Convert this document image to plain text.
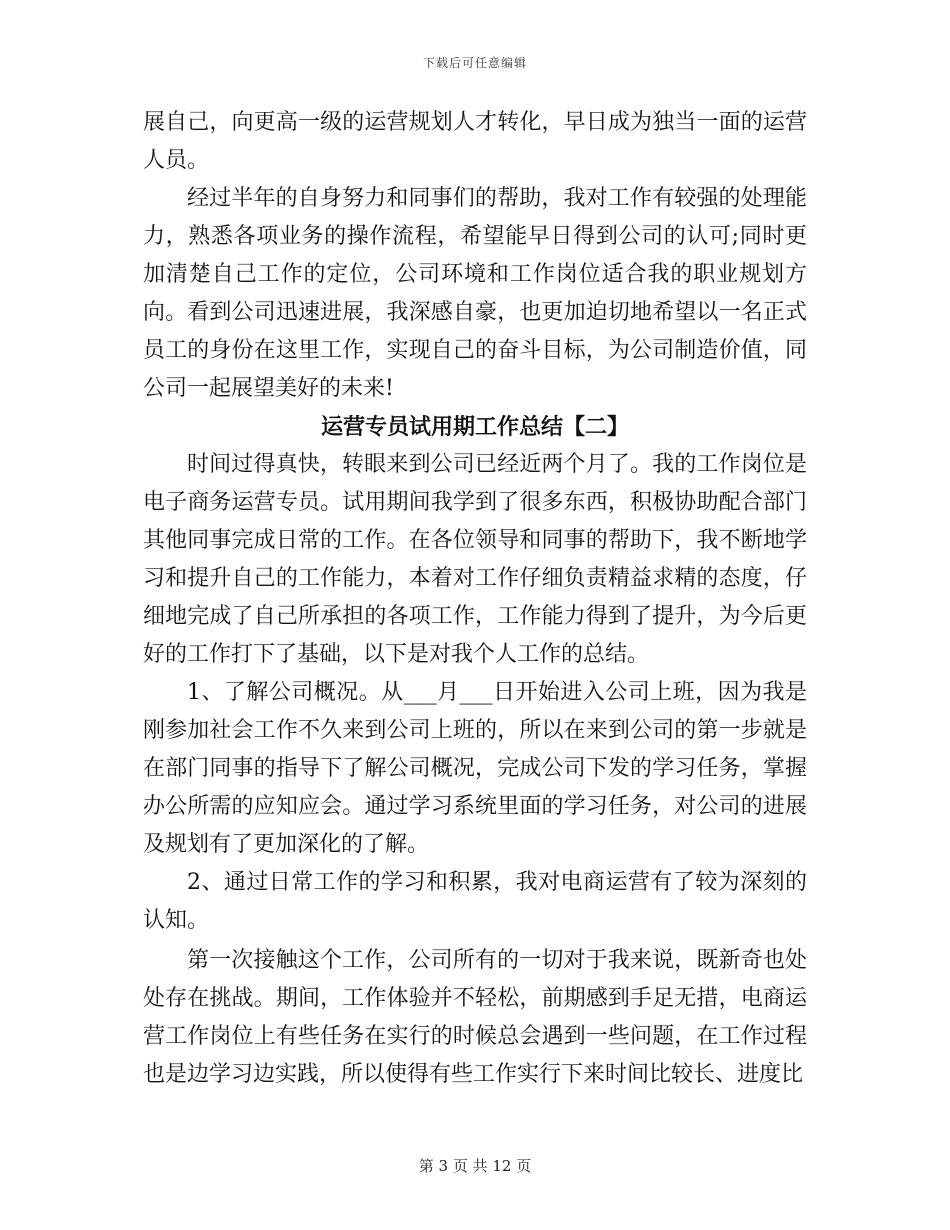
下载后可任意编辑

展自己，向更高一级的运营规划人才转化，早日成为独当一面的运营人员。

经过半年的自身努力和同事们的帮助，我对工作有较强的处理能力，熟悉各项业务的操作流程，希望能早日得到公司的认可;同时更加清楚自己工作的定位，公司环境和工作岗位适合我的职业规划方向。看到公司迅速进展，我深感自豪，也更加迫切地希望以一名正式员工的身份在这里工作，实现自己的奋斗目标，为公司制造价值，同公司一起展望美好的未来!

运营专员试用期工作总结【二】

时间过得真快，转眼来到公司已经近两个月了。我的工作岗位是电子商务运营专员。试用期间我学到了很多东西，积极协助配合部门其他同事完成日常的工作。在各位领导和同事的帮助下，我不断地学习和提升自己的工作能力，本着对工作仔细负责精益求精的态度，仔细地完成了自己所承担的各项工作，工作能力得到了提升，为今后更好的工作打下了基础，以下是对我个人工作的总结。

1、了解公司概况。从___月___日开始进入公司上班，因为我是刚参加社会工作不久来到公司上班的，所以在来到公司的第一步就是在部门同事的指导下了解公司概况，完成公司下发的学习任务，掌握办公所需的应知应会。通过学习系统里面的学习任务，对公司的进展及规划有了更加深化的了解。

2、通过日常工作的学习和积累，我对电商运营有了较为深刻的认知。

第一次接触这个工作，公司所有的一切对于我来说，既新奇也处处存在挑战。期间，工作体验并不轻松，前期感到手足无措，电商运营工作岗位上有些任务在实行的时候总会遇到一些问题，在工作过程也是边学习边实践，所以使得有些工作实行下来时间比较长、进度比

第 3 页 共 12 页
